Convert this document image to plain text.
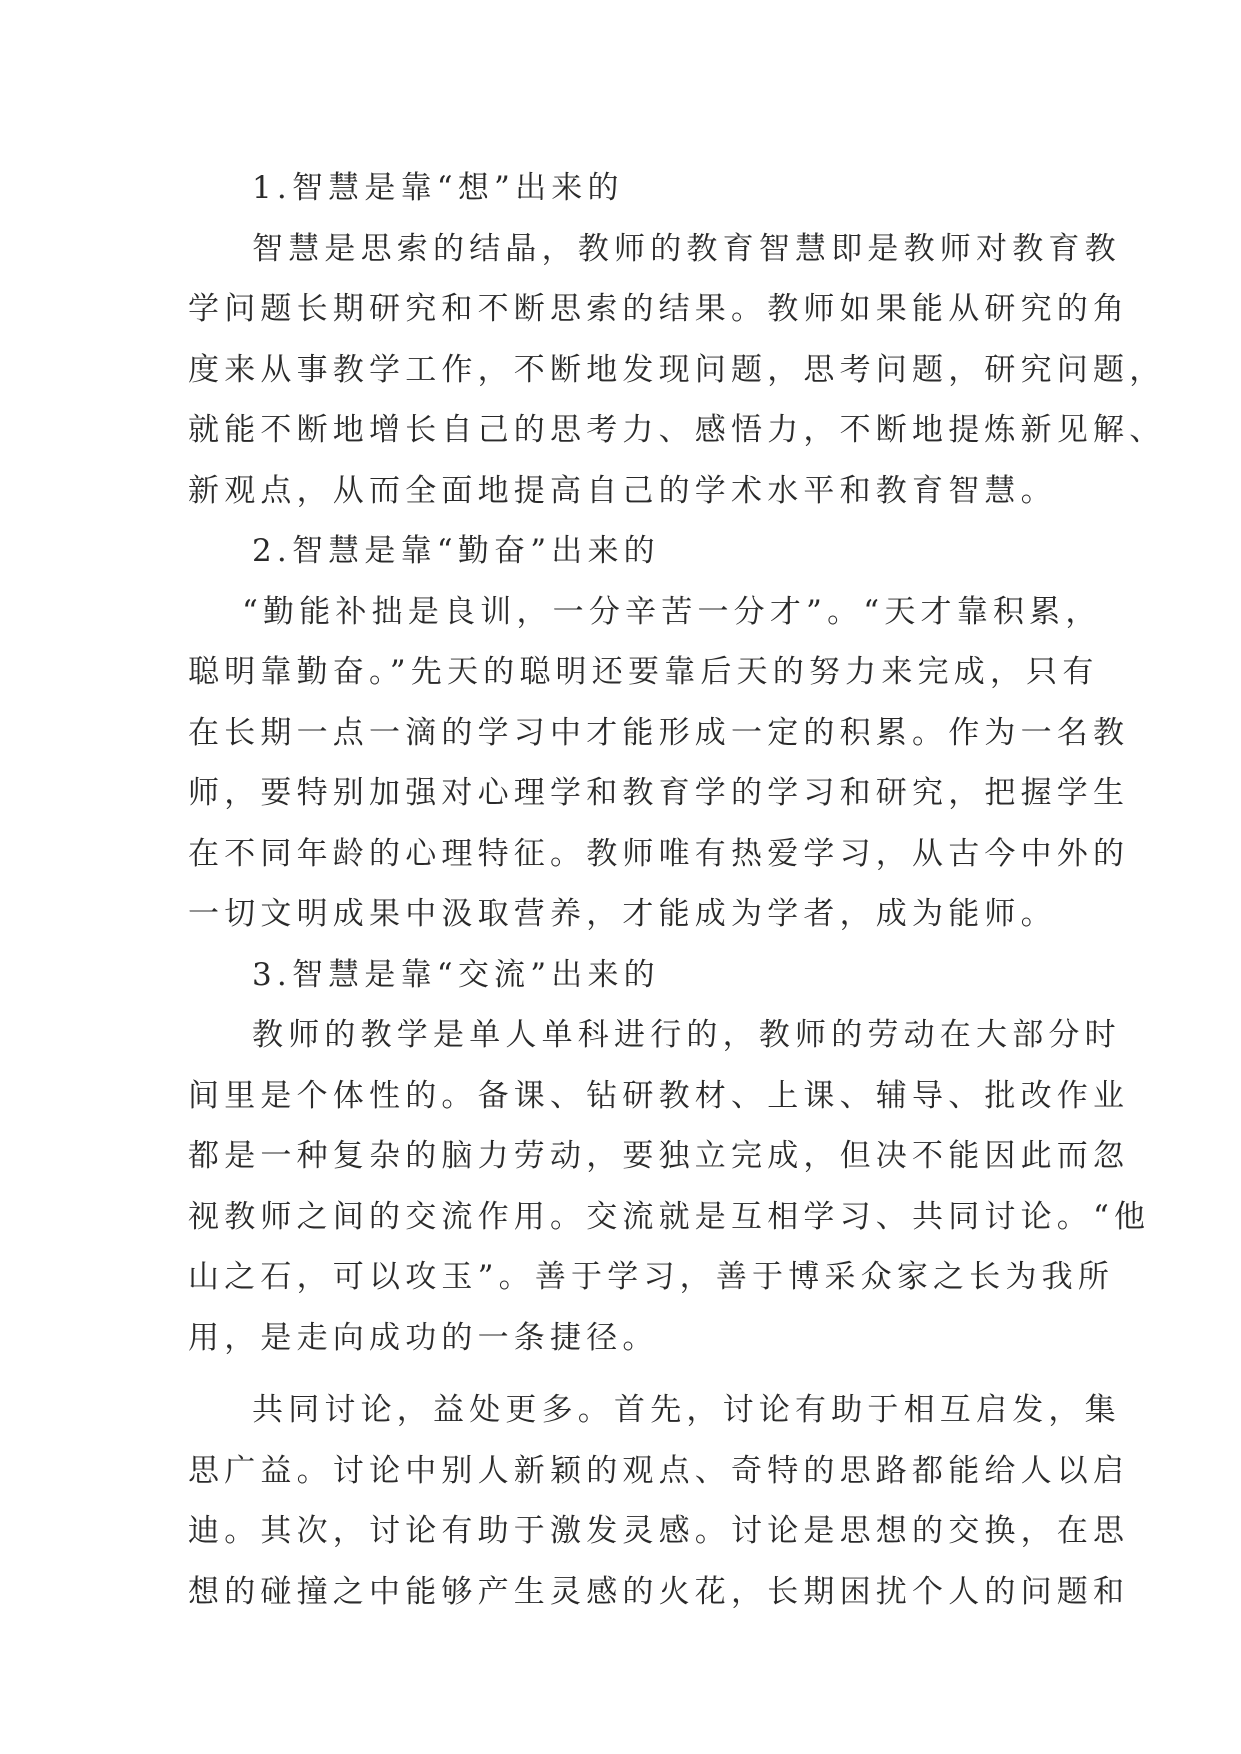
1.智慧是靠“想”出来的
智慧是思索的结晶，教师的教育智慧即是教师对教育教
学问题长期研究和不断思索的结果。教师如果能从研究的角
度来从事教学工作，不断地发现问题，思考问题，研究问题，
就能不断地增长自己的思考力、感悟力，不断地提炼新见解、
新观点，从而全面地提高自己的学术水平和教育智慧。
2.智慧是靠“勤奋”出来的
“勤能补拙是良训，一分辛苦一分才”。“天才靠积累，
聪明靠勤奋。”先天的聪明还要靠后天的努力来完成，只有
在长期一点一滴的学习中才能形成一定的积累。作为一名教
师，要特别加强对心理学和教育学的学习和研究，把握学生
在不同年龄的心理特征。教师唯有热爱学习，从古今中外的
一切文明成果中汲取营养，才能成为学者，成为能师。
3.智慧是靠“交流”出来的
教师的教学是单人单科进行的，教师的劳动在大部分时
间里是个体性的。备课、钻研教材、上课、辅导、批改作业
都是一种复杂的脑力劳动，要独立完成，但决不能因此而忽
视教师之间的交流作用。交流就是互相学习、共同讨论。“他
山之石，可以攻玉”。善于学习，善于博采众家之长为我所
用，是走向成功的一条捷径。
共同讨论，益处更多。首先，讨论有助于相互启发，集
思广益。讨论中别人新颖的观点、奇特的思路都能给人以启
迪。其次，讨论有助于激发灵感。讨论是思想的交换，在思
想的碰撞之中能够产生灵感的火花，长期困扰个人的问题和
